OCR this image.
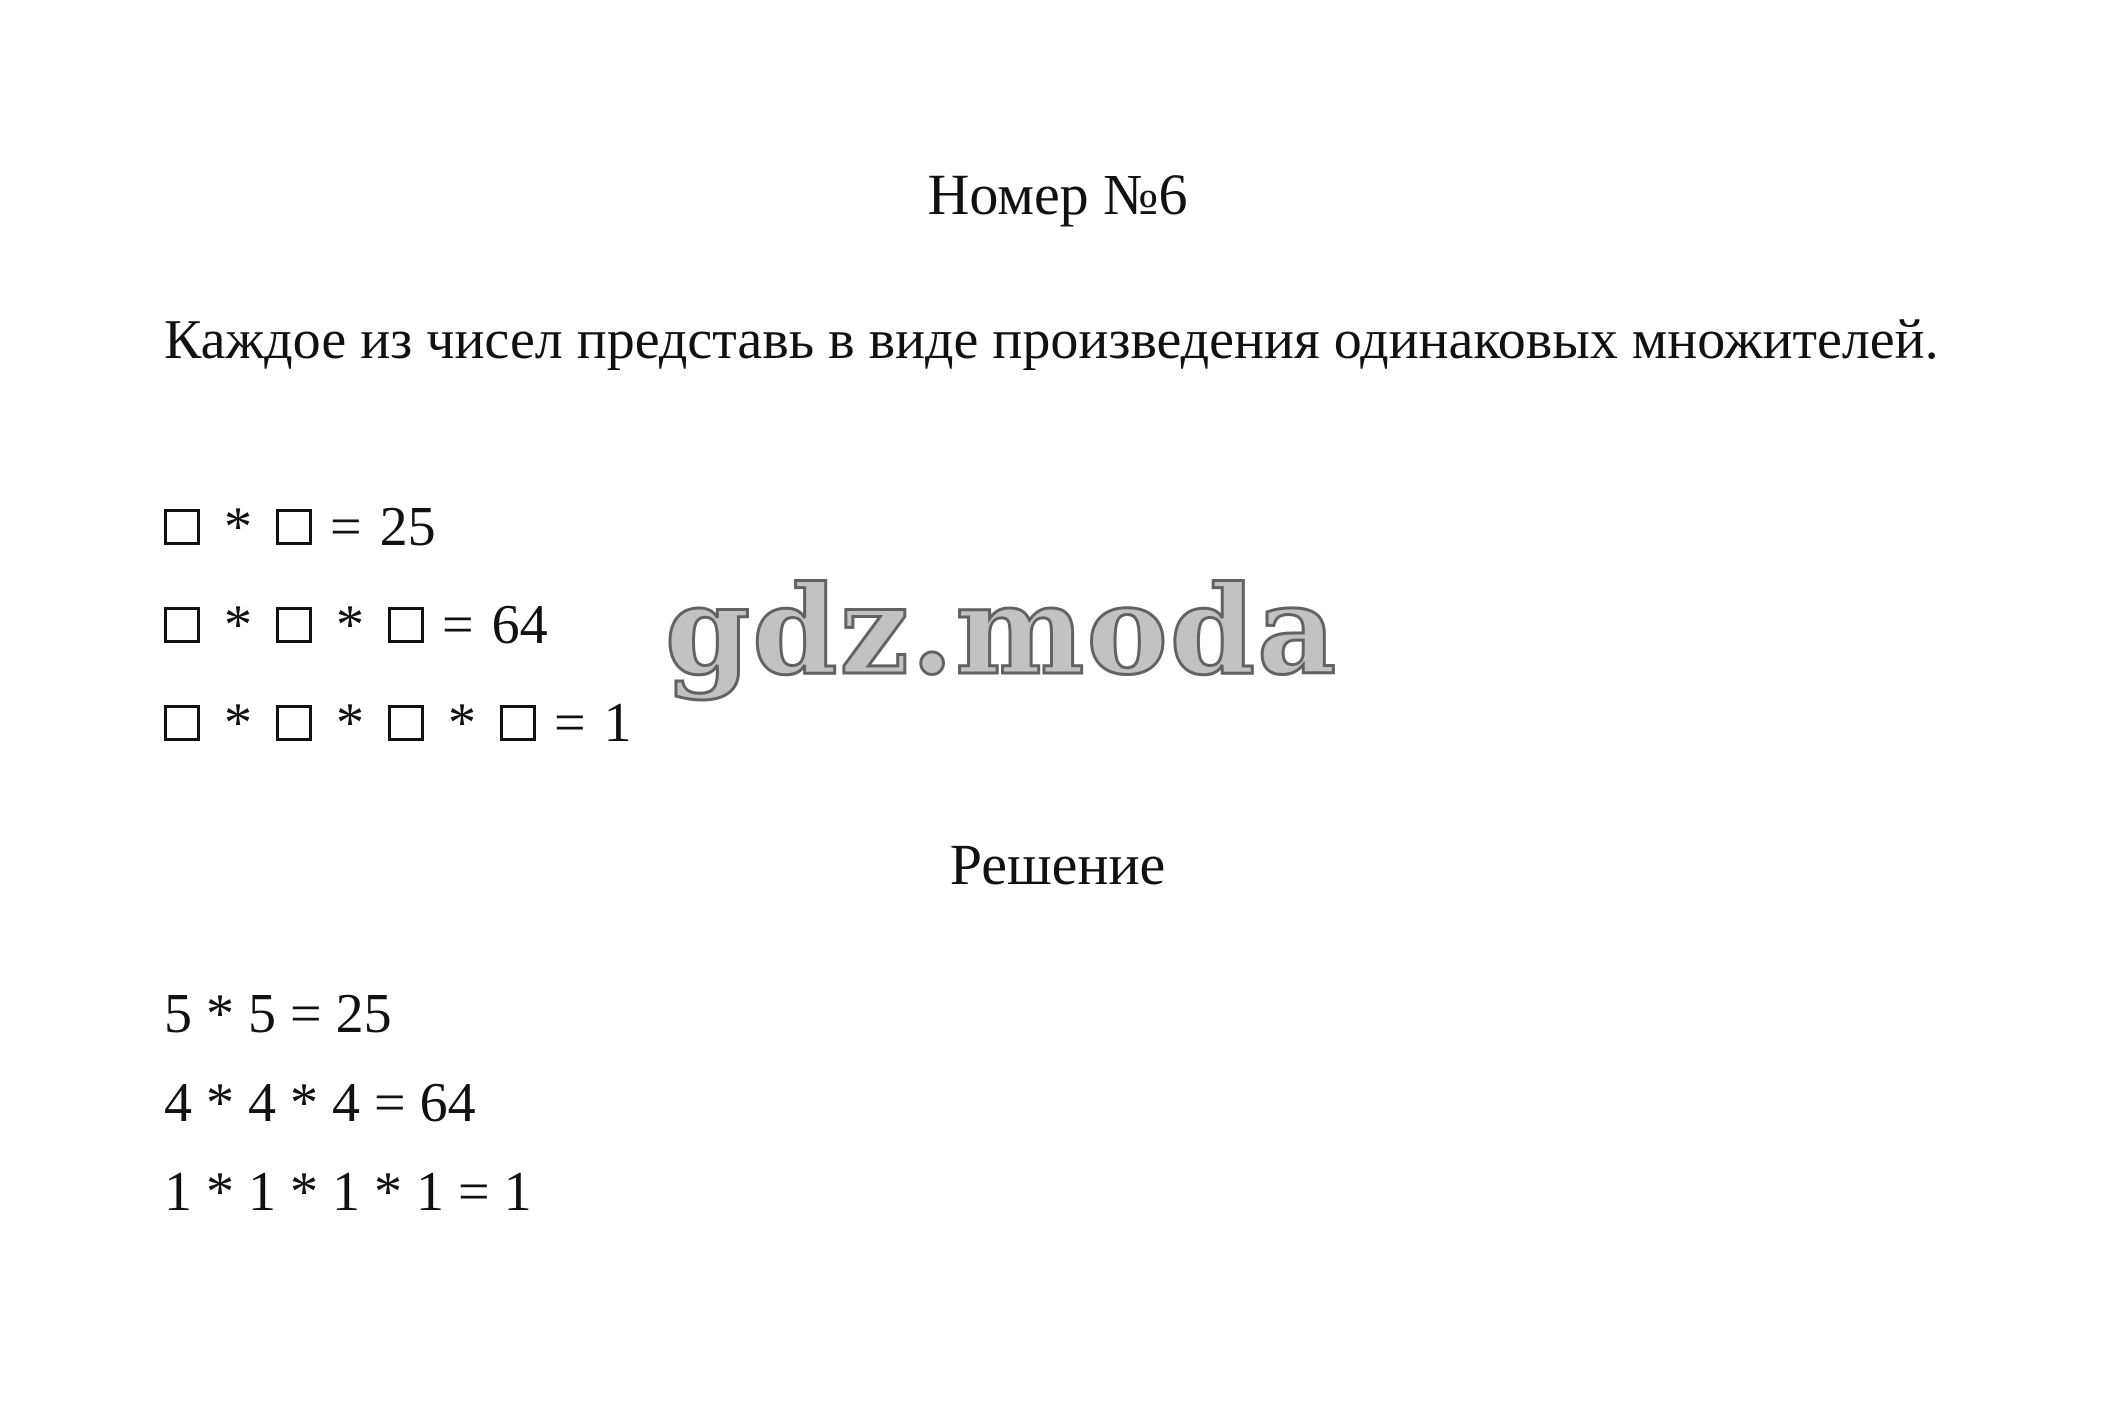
Номер №6
Каждое из чисел представь в виде произведения одинаковых множителей.
* = 25
* * = 64
* * * = 1
Решение
5 * 5 = 25
4 * 4 * 4 = 64
1 * 1 * 1 * 1 = 1
gdz.moda
